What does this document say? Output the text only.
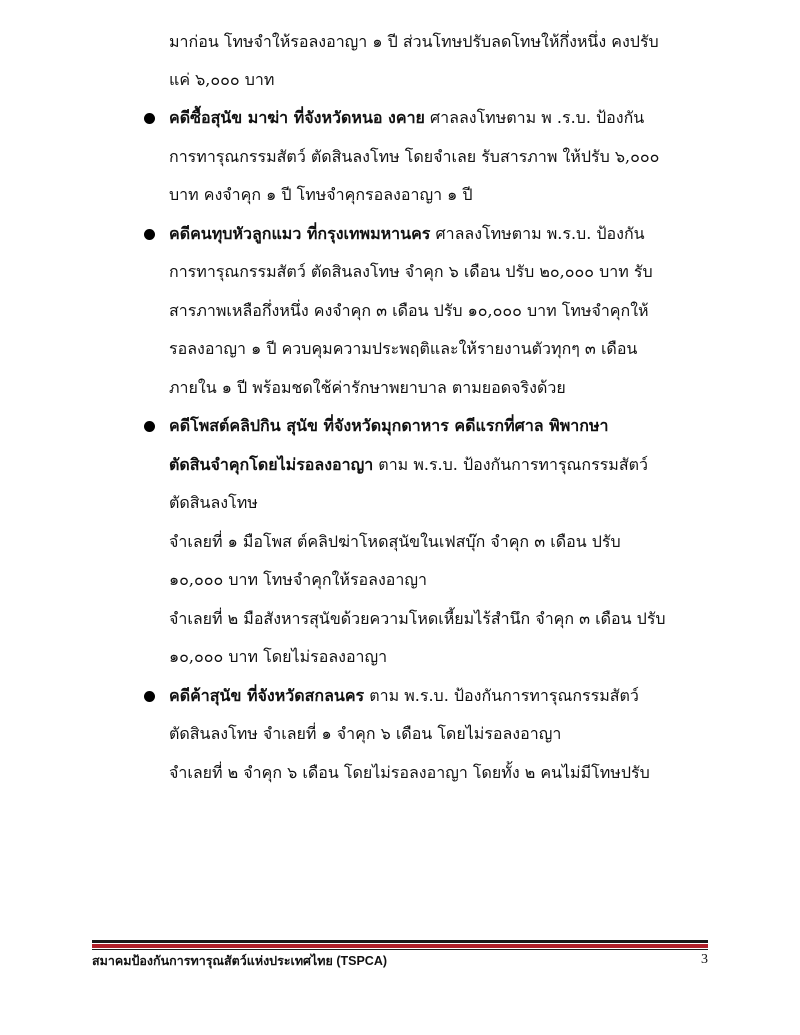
มาก่อน โทษจำให้รอลงอาญา ๑ ปี ส่วนโทษปรับลดโทษให้กึ่งหนึ่ง คงปรับ
แค่ ๖,๐๐๐ บาท
คดีซื้อสุนัข มาฆ่า ที่จังหวัดหนอ งคาย ศาลลงโทษตาม พ .ร.บ. ป้องกัน
การทารุณกรรมสัตว์ ตัดสินลงโทษ โดยจำเลย รับสารภาพ ให้ปรับ ๖,๐๐๐
บาท คงจำคุก ๑ ปี โทษจำคุกรอลงอาญา ๑ ปี
คดีคนทุบหัวลูกแมว ที่กรุงเทพมหานคร ศาลลงโทษตาม พ.ร.บ. ป้องกัน
การทารุณกรรมสัตว์ ตัดสินลงโทษ จำคุก ๖ เดือน ปรับ ๒๐,๐๐๐ บาท รับ
สารภาพเหลือกึ่งหนึ่ง คงจำคุก ๓ เดือน ปรับ ๑๐,๐๐๐ บาท โทษจำคุกให้
รอลงอาญา ๑ ปี ควบคุมความประพฤติและให้รายงานตัวทุกๆ ๓ เดือน
ภายใน ๑ ปี พร้อมชดใช้ค่ารักษาพยาบาล ตามยอดจริงด้วย
คดีโพสต์คลิปกิน สุนัข ที่จังหวัดมุกดาหาร คดีแรกที่ศาล พิพากษา
ตัดสินจำคุกโดยไม่รอลงอาญา ตาม พ.ร.บ. ป้องกันการทารุณกรรมสัตว์
ตัดสินลงโทษ
จำเลยที่ ๑ มือโพส ต์คลิปฆ่าโหดสุนัขในเฟสบุ๊ก จำคุก ๓ เดือน ปรับ
๑๐,๐๐๐ บาท โทษจำคุกให้รอลงอาญา
จำเลยที่ ๒ มือสังหารสุนัขด้วยความโหดเหี้ยมไร้สำนึก จำคุก ๓ เดือน ปรับ
๑๐,๐๐๐ บาท โดยไม่รอลงอาญา
คดีค้าสุนัข ที่จังหวัดสกลนคร ตาม พ.ร.บ. ป้องกันการทารุณกรรมสัตว์
ตัดสินลงโทษ จำเลยที่ ๑ จำคุก ๖ เดือน โดยไม่รอลงอาญา
จำเลยที่ ๒ จำคุก ๖ เดือน โดยไม่รอลงอาญา โดยทั้ง ๒ คนไม่มีโทษปรับ
สมาคมป้องกันการทารุณสัตว์แห่งประเทศไทย (TSPCA)	3
